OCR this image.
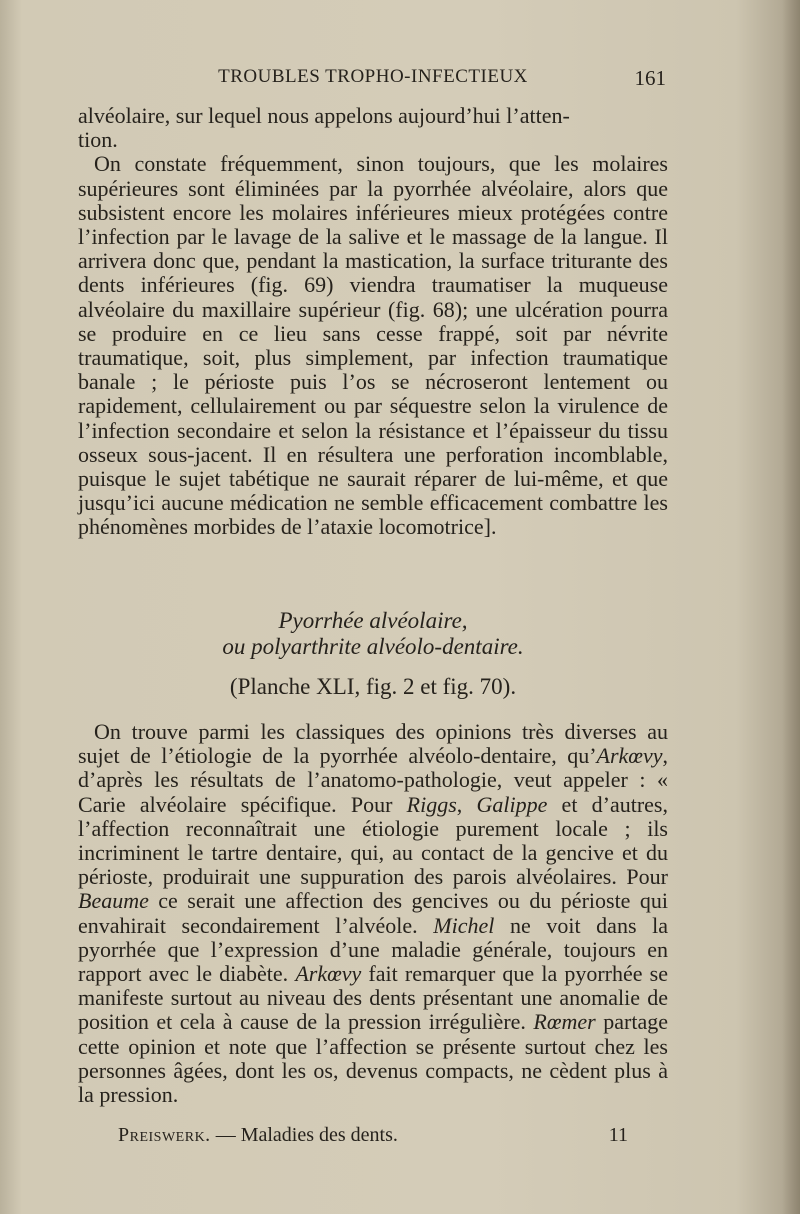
TROUBLES TROPHO-INFECTIEUX	161

alvéolaire, sur lequel nous appelons aujourd’hui l’atten-
tion.

On constate fréquemment, sinon toujours, que les molaires supérieures sont éliminées par la pyorrhée alvéolaire, alors que subsistent encore les molaires inférieures mieux protégées contre l’infection par le lavage de la salive et le massage de la langue. Il arrivera donc que, pendant la mastication, la surface triturante des dents inférieures (fig. 69) viendra traumatiser la muqueuse alvéolaire du maxillaire supérieur (fig. 68); une ulcération pourra se produire en ce lieu sans cesse frappé, soit par névrite traumatique, soit, plus simplement, par infection traumatique banale ; le périoste puis l’os se nécroseront lentement ou rapidement, cellulairement ou par séquestre selon la virulence de l’infection secondaire et selon la résistance et l’épaisseur du tissu osseux sous-jacent. Il en résultera une perforation incomblable, puisque le sujet tabétique ne saurait réparer de lui-même, et que jusqu’ici aucune médication ne semble efficacement combattre les phénomènes morbides de l’ataxie locomotrice].

Pyorrhée alvéolaire,
ou polyarthrite alvéolo-dentaire.
(Planche XLI, fig. 2 et fig. 70).

On trouve parmi les classiques des opinions très diverses au sujet de l’étiologie de la pyorrhée alvéolo-dentaire, qu’Arkœvy, d’après les résultats de l’anatomo-pathologie, veut appeler : « Carie alvéolaire spécifique. Pour Riggs, Galippe et d’autres, l’affection reconnaîtrait une étiologie purement locale ; ils incriminent le tartre dentaire, qui, au contact de la gencive et du périoste, produirait une suppuration des parois alvéolaires. Pour Beaume ce serait une affection des gencives ou du périoste qui envahirait secondairement l’alvéole. Michel ne voit dans la pyorrhée que l’expression d’une maladie générale, toujours en rapport avec le diabète. Arkœvy fait remarquer que la pyorrhée se manifeste surtout au niveau des dents présentant une anomalie de position et cela à cause de la pression irrégulière. Rœmer partage cette opinion et note que l’affection se présente surtout chez les personnes âgées, dont les os, devenus compacts, ne cèdent plus à la pression.

Preiswerk. — Maladies des dents.	11
